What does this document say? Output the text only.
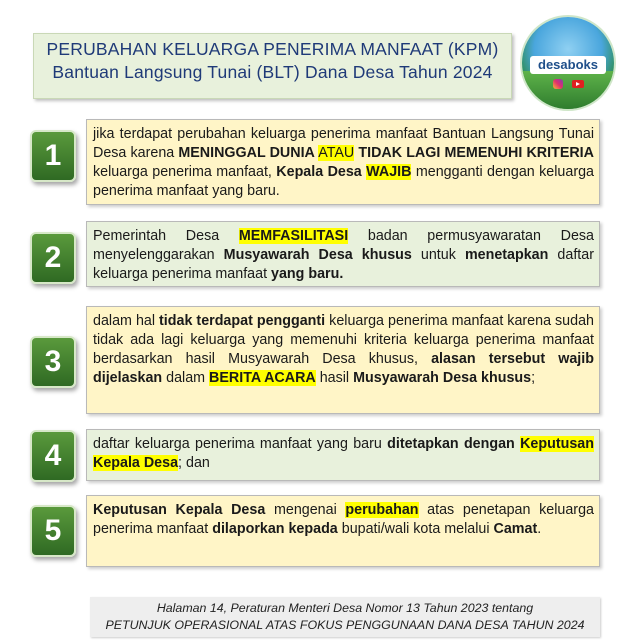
PERUBAHAN KELUARGA PENERIMA MANFAAT (KPM)
Bantuan Langsung Tunai (BLT) Dana Desa Tahun 2024	desaboks
1
jika terdapat perubahan keluarga penerima manfaat Bantuan Langsung Tunai Desa karena MENINGGAL DUNIA ATAU TIDAK LAGI MEMENUHI KRITERIA keluarga penerima manfaat, Kepala Desa WAJIB mengganti dengan keluarga penerima manfaat yang baru.
2
Pemerintah Desa MEMFASILITASI badan permusyawaratan Desa menyelenggarakan Musyawarah Desa khusus untuk menetapkan daftar keluarga penerima manfaat yang baru.
3
dalam hal tidak terdapat pengganti keluarga penerima manfaat karena sudah tidak ada lagi keluarga yang memenuhi kriteria keluarga penerima manfaat berdasarkan hasil Musyawarah Desa khusus, alasan tersebut wajib dijelaskan dalam BERITA ACARA hasil Musyawarah Desa khusus;
4	daftar keluarga penerima manfaat yang baru ditetapkan dengan Keputusan Kepala Desa; dan
5
Keputusan Kepala Desa mengenai perubahan atas penetapan keluarga penerima manfaat dilaporkan kepada bupati/wali kota melalui Camat.
Halaman 14, Peraturan Menteri Desa Nomor 13 Tahun 2023 tentang
PETUNJUK OPERASIONAL ATAS FOKUS PENGGUNAAN DANA DESA TAHUN 2024
